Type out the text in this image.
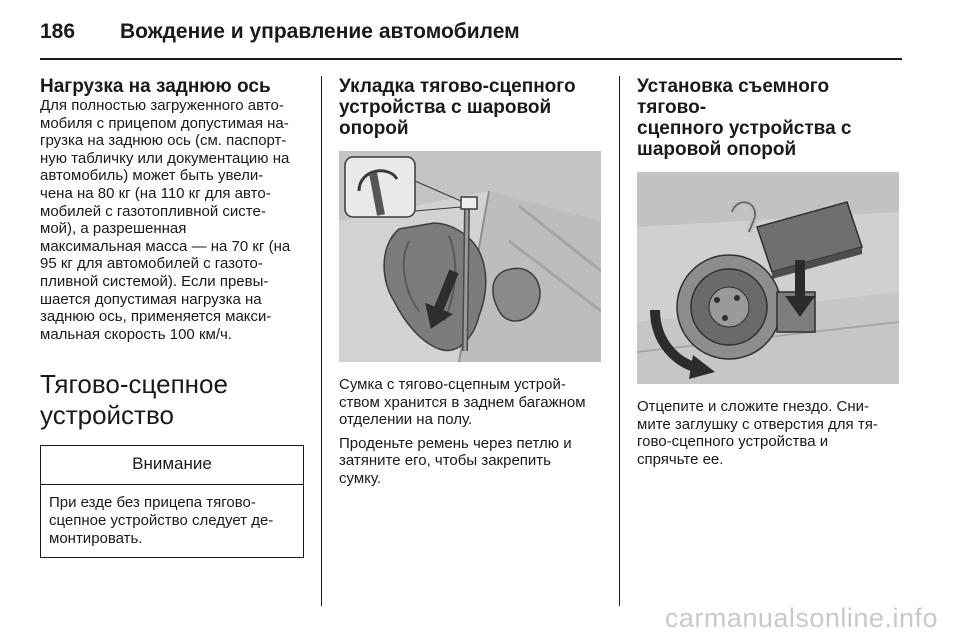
186 Вождение и управление автомобилем

Нагрузка на заднюю ось

Для полностью загруженного авто-
мобиля с прицепом допустимая на-
грузка на заднюю ось (см. паспорт-
ную табличку или документацию на
автомобиль) может быть увели-
чена на 80 кг (на 110 кг для авто-
мобилей с газотопливной систе-
мой), а разрешенная
максимальная масса — на 70 кг (на
95 кг для автомобилей с газото-
пливной системой). Если превы-
шается допустимая нагрузка на
заднюю ось, применяется макси-
мальная скорость 100 км/ч.

Тягово-сцепное
устройство

Внимание
При езде без прицепа тягово-
сцепное устройство следует де-
монтировать.

Укладка тягово-сцепного
устройства с шаровой опорой

Сумка с тягово-сцепным устрой-
ством хранится в заднем багажном
отделении на полу.

Проденьте ремень через петлю и
затяните его, чтобы закрепить
сумку.

Установка съемного тягово-
сцепного устройства с
шаровой опорой

Отцепите и сложите гнездо. Сни-
мите заглушку с отверстия для тя-
гово-сцепного устройства и
спрячьте ее.

carmanualsonline.info
